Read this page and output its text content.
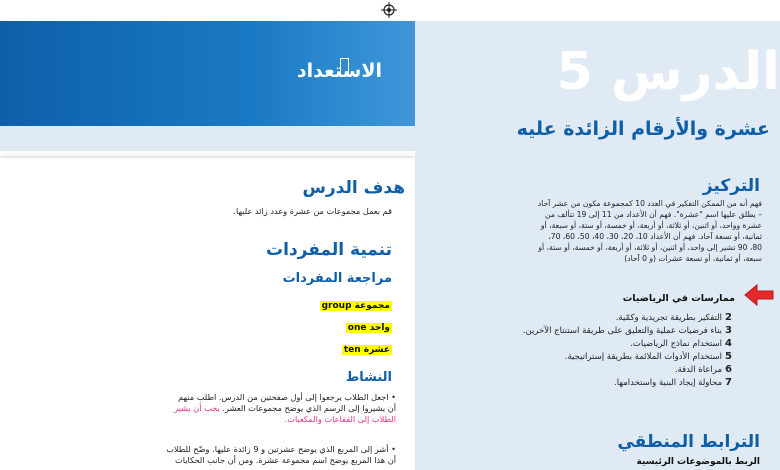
الاستعداد	الدرس 5
عشرة والأرقام الزائدة عليه
هدف الدرس
قم بعمل مجموعات من عشرة وعدد زائد عليها.
تنمية المفردات
مراجعة المفردات
مجموعة group
واحد one
عشرة ten
النشاط
• اجعل الطلاب يرجعوا إلى أول صفحتين من الدرس. اطلب منهم
أن يشيروا إلى الرسم الذي يوضح مجموعات العشر. يجب أن يشير
الطلاب إلى الفقاعات والمكعبات.
• أشر إلى المربع الذي يوضح عشرتين و 9 زائدة عليها. وضّح للطلاب
أن هذا المربع يوضح اسم مجموعة عشرة. ومن أن جانب الحكايات
التركيز
فهم أنه من الممكن التفكير في العدد 10 كمجموعة مكون من عشر آحاد
– يطلق عليها اسم "عشرة". فهم أن الأعداد من 11 إلى 19 تتألف من
عشرة وواحد، أو اثنين، أو ثلاثة، أو أربعة، أو خمسة، أو ستة، أو سبعة، أو
ثمانية، أو تسعة آحاد. فهم أن الأعداد 10، 20، 30، 40، 50، 60، 70،
80، 90 تشير إلى واحد، أو اثنين، أو ثلاثة، أو أربعة، أو خمسة، أو ستة، أو
سبعة، أو ثمانية، أو تسعة عشرات (و 0 آحاد)
ممارسات في الرياضيات
2التفكير بطريقة تجريدية وكمّية.
3بناء فرضيات عملية والتعليق على طريقة استنتاج الآخرين.
4استخدام نماذج الرياضيات.
5استخدام الأدوات الملائمة بطريقة إستراتيجية.
6مراعاة الدقة.
7محاولة إيجاد البنية واستخدامها.
الترابط المنطقي
الربط بالموضوعات الرئيسية
